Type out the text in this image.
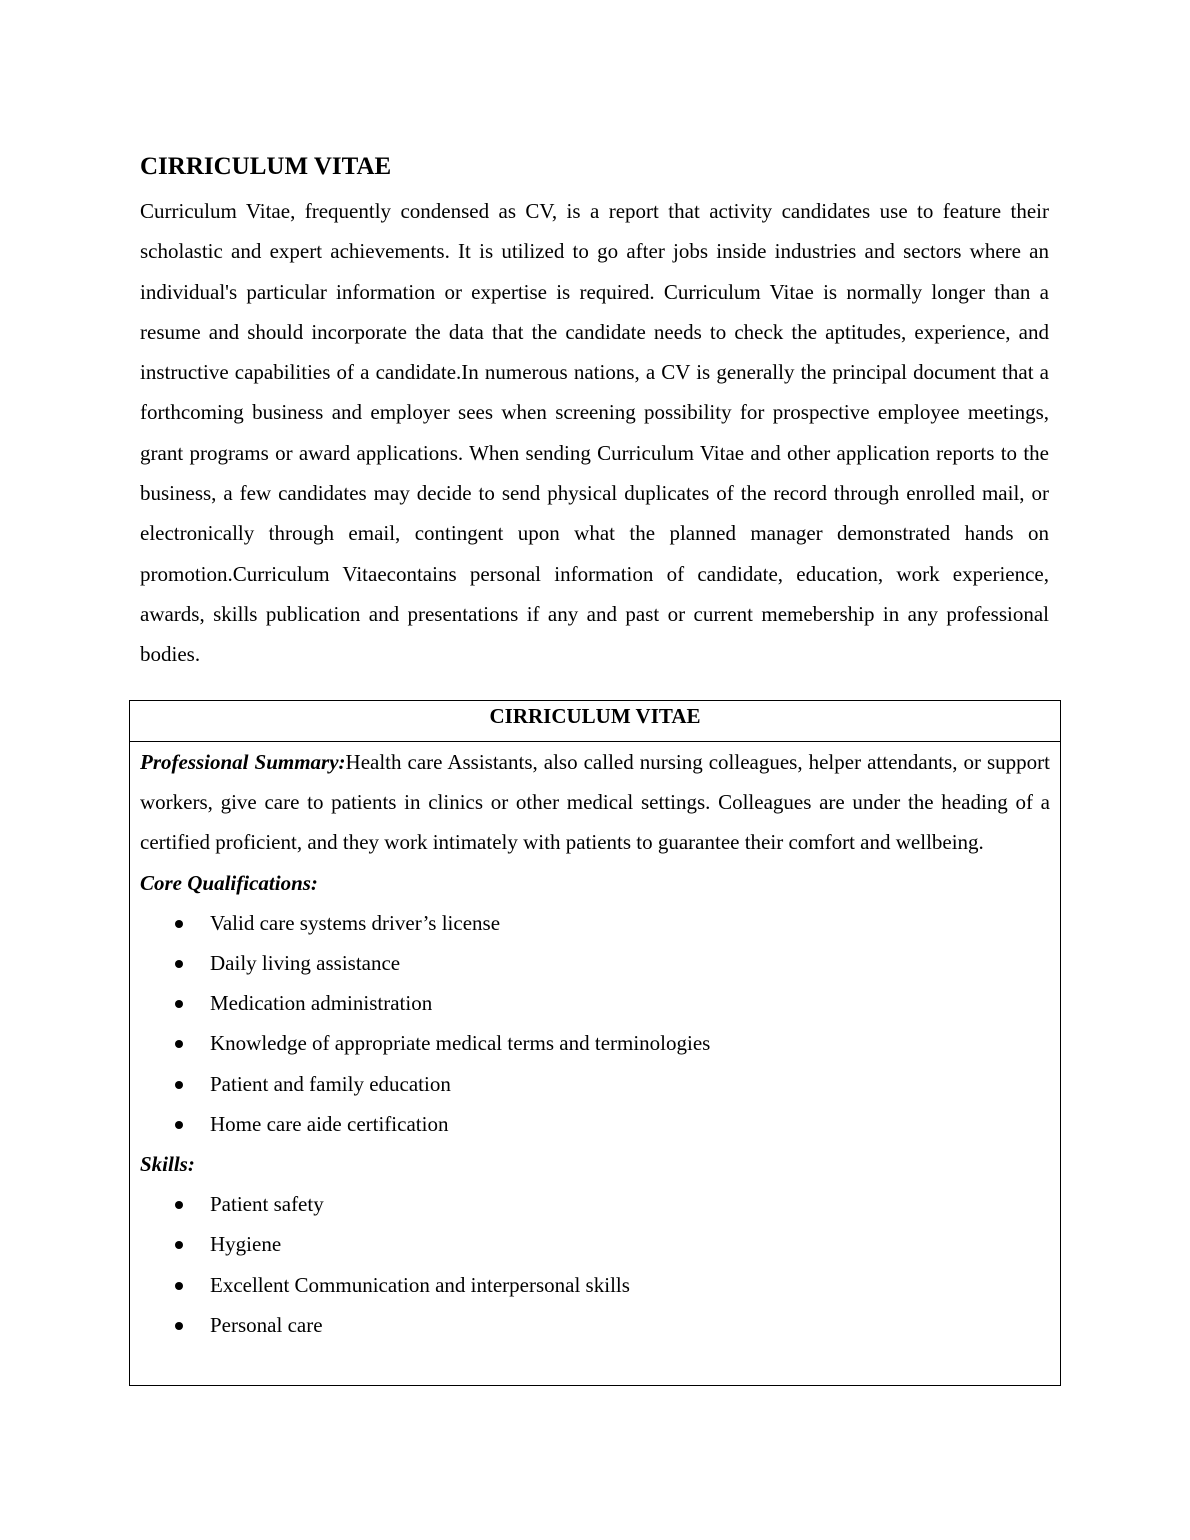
CIRRICULUM VITAE

Curriculum Vitae, frequently condensed as CV, is a report that activity candidates use to feature their scholastic and expert achievements. It is utilized to go after jobs inside industries and sectors where an individual's particular information or expertise is required. Curriculum Vitae is normally longer than a resume and should incorporate the data that the candidate needs to check the aptitudes, experience, and instructive capabilities of a candidate.In numerous nations, a CV is generally the principal document that a forthcoming business and employer sees when screening possibility for prospective employee meetings, grant programs or award applications. When sending Curriculum Vitae and other application reports to the business, a few candidates may decide to send physical duplicates of the record through enrolled mail, or electronically through email, contingent upon what the planned manager demonstrated hands on promotion.Curriculum Vitaecontains personal information of candidate, education, work experience, awards, skills publication and presentations if any and past or current memebership in any professional bodies.

CIRRICULUM VITAE

Professional Summary:Health care Assistants, also called nursing colleagues, helper attendants, or support workers, give care to patients in clinics or other medical settings. Colleagues are under the heading of a certified proficient, and they work intimately with patients to guarantee their comfort and wellbeing.

Core Qualifications:

Valid care systems driver’s license
Daily living assistance
Medication administration
Knowledge of appropriate medical terms and terminologies
Patient and family education
Home care aide certification

Skills:

Patient safety
Hygiene
Excellent Communication and interpersonal skills
Personal care
